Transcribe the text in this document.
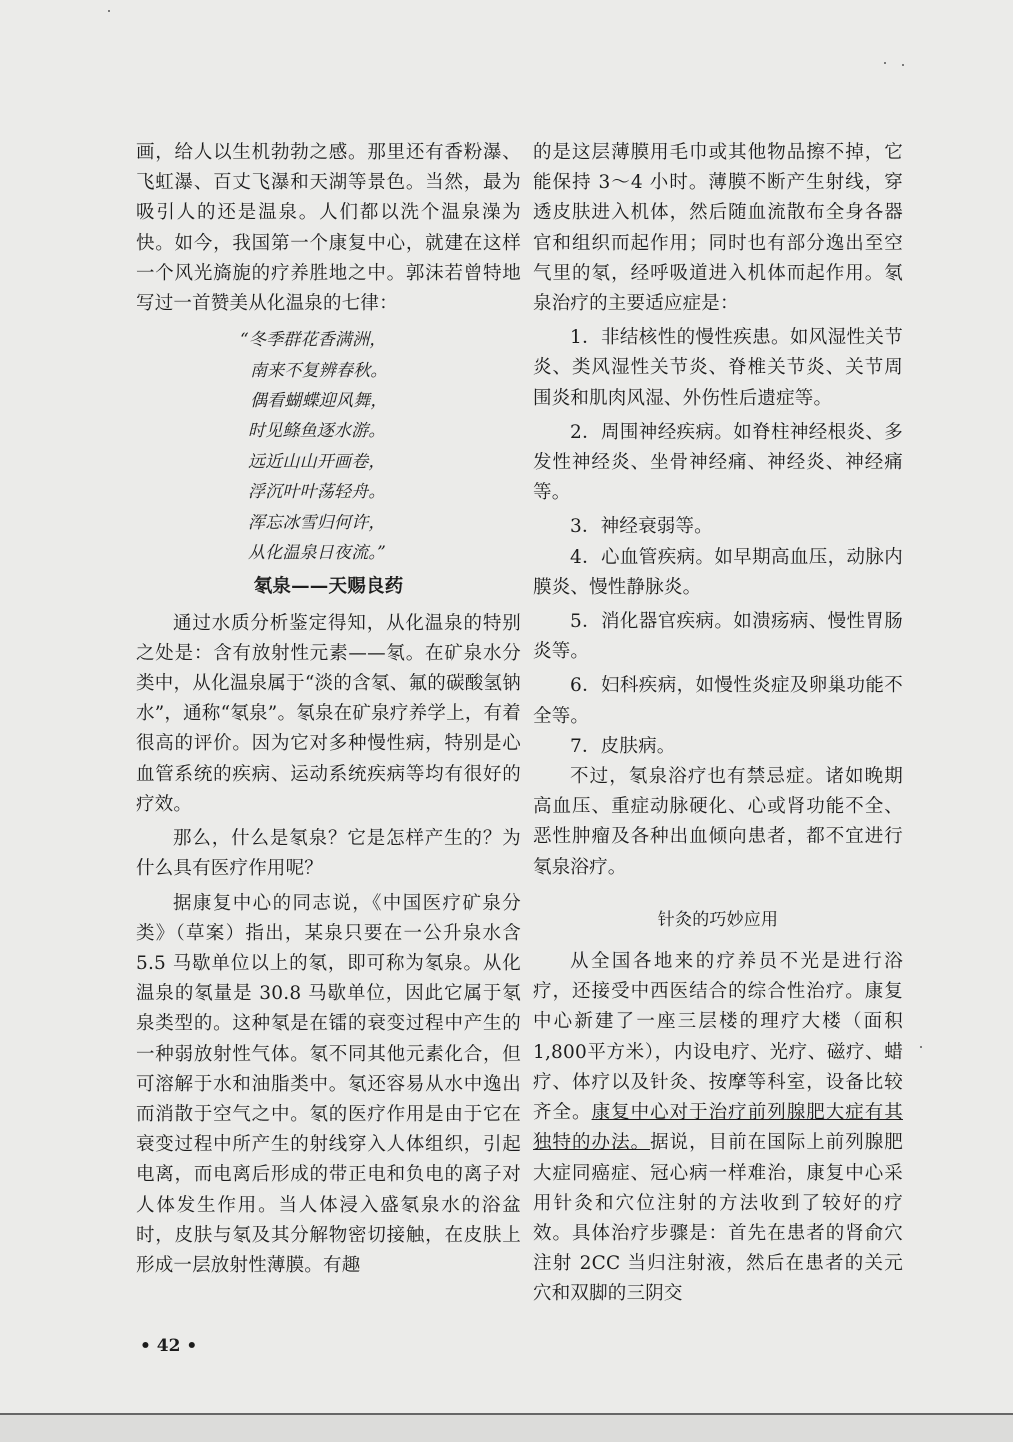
画，给人以生机勃勃之感。那里还有香粉瀑、飞虹瀑、百丈飞瀑和天湖等景色。当然，最为吸引人的还是温泉。人们都以洗个温泉澡为快。如今，我国第一个康复中心，就建在这样一个风光旖旎的疗养胜地之中。郭沫若曾特地写过一首赞美从化温泉的七律：

“冬季群花香满洲，
南来不复辨春秋。
偶看蝴蝶迎风舞，
时见鲦鱼逐水游。
远近山山开画卷，
浮沉叶叶荡轻舟。
浑忘冰雪归何许，
从化温泉日夜流。”
氡泉——天赐良药

通过水质分析鉴定得知，从化温泉的特别之处是：含有放射性元素——氡。在矿泉水分类中，从化温泉属于“淡的含氡、氟的碳酸氢钠水”，通称“氡泉”。氡泉在矿泉疗养学上，有着很高的评价。因为它对多种慢性病，特别是心血管系统的疾病、运动系统疾病等均有很好的疗效。

那么，什么是氡泉？它是怎样产生的？为什么具有医疗作用呢？

据康复中心的同志说，《中国医疗矿泉分类》（草案）指出，某泉只要在一公升泉水含 5.5 马歇单位以上的氡，即可称为氡泉。从化温泉的氡量是 30.8 马歇单位，因此它属于氡泉类型的。这种氡是在镭的衰变过程中产生的一种弱放射性气体。氡不同其他元素化合，但可溶解于水和油脂类中。氡还容易从水中逸出而消散于空气之中。氡的医疗作用是由于它在衰变过程中所产生的射线穿入人体组织，引起电离，而电离后形成的带正电和负电的离子对人体发生作用。当人体浸入盛氡泉水的浴盆时，皮肤与氡及其分解物密切接触，在皮肤上形成一层放射性薄膜。有趣

的是这层薄膜用毛巾或其他物品擦不掉，它能保持 3～4 小时。薄膜不断产生射线，穿透皮肤进入机体，然后随血流散布全身各器官和组织而起作用；同时也有部分逸出至空气里的氡，经呼吸道进入机体而起作用。氡泉治疗的主要适应症是：

1．非结核性的慢性疾患。如风湿性关节炎、类风湿性关节炎、脊椎关节炎、关节周围炎和肌肉风湿、外伤性后遗症等。

2．周围神经疾病。如脊柱神经根炎、多发性神经炎、坐骨神经痛、神经炎、神经痛等。

3．神经衰弱等。

4．心血管疾病。如早期高血压，动脉内膜炎、慢性静脉炎。

5．消化器官疾病。如溃疡病、慢性胃肠炎等。

6．妇科疾病，如慢性炎症及卵巢功能不全等。

7．皮肤病。

不过，氡泉浴疗也有禁忌症。诸如晚期高血压、重症动脉硬化、心或肾功能不全、恶性肿瘤及各种出血倾向患者，都不宜进行氡泉浴疗。

针灸的巧妙应用

从全国各地来的疗养员不光是进行浴疗，还接受中西医结合的综合性治疗。康复中心新建了一座三层楼的理疗大楼（面积1,800平方米），内设电疗、光疗、磁疗、蜡疗、体疗以及针灸、按摩等科室，设备比较齐全。康复中心对于治疗前列腺肥大症有其独特的办法。据说，目前在国际上前列腺肥大症同癌症、冠心病一样难治，康复中心采用针灸和穴位注射的方法收到了较好的疗效。具体治疗步骤是：首先在患者的肾俞穴注射 2CC 当归注射液，然后在患者的关元穴和双脚的三阴交

• 42 •
